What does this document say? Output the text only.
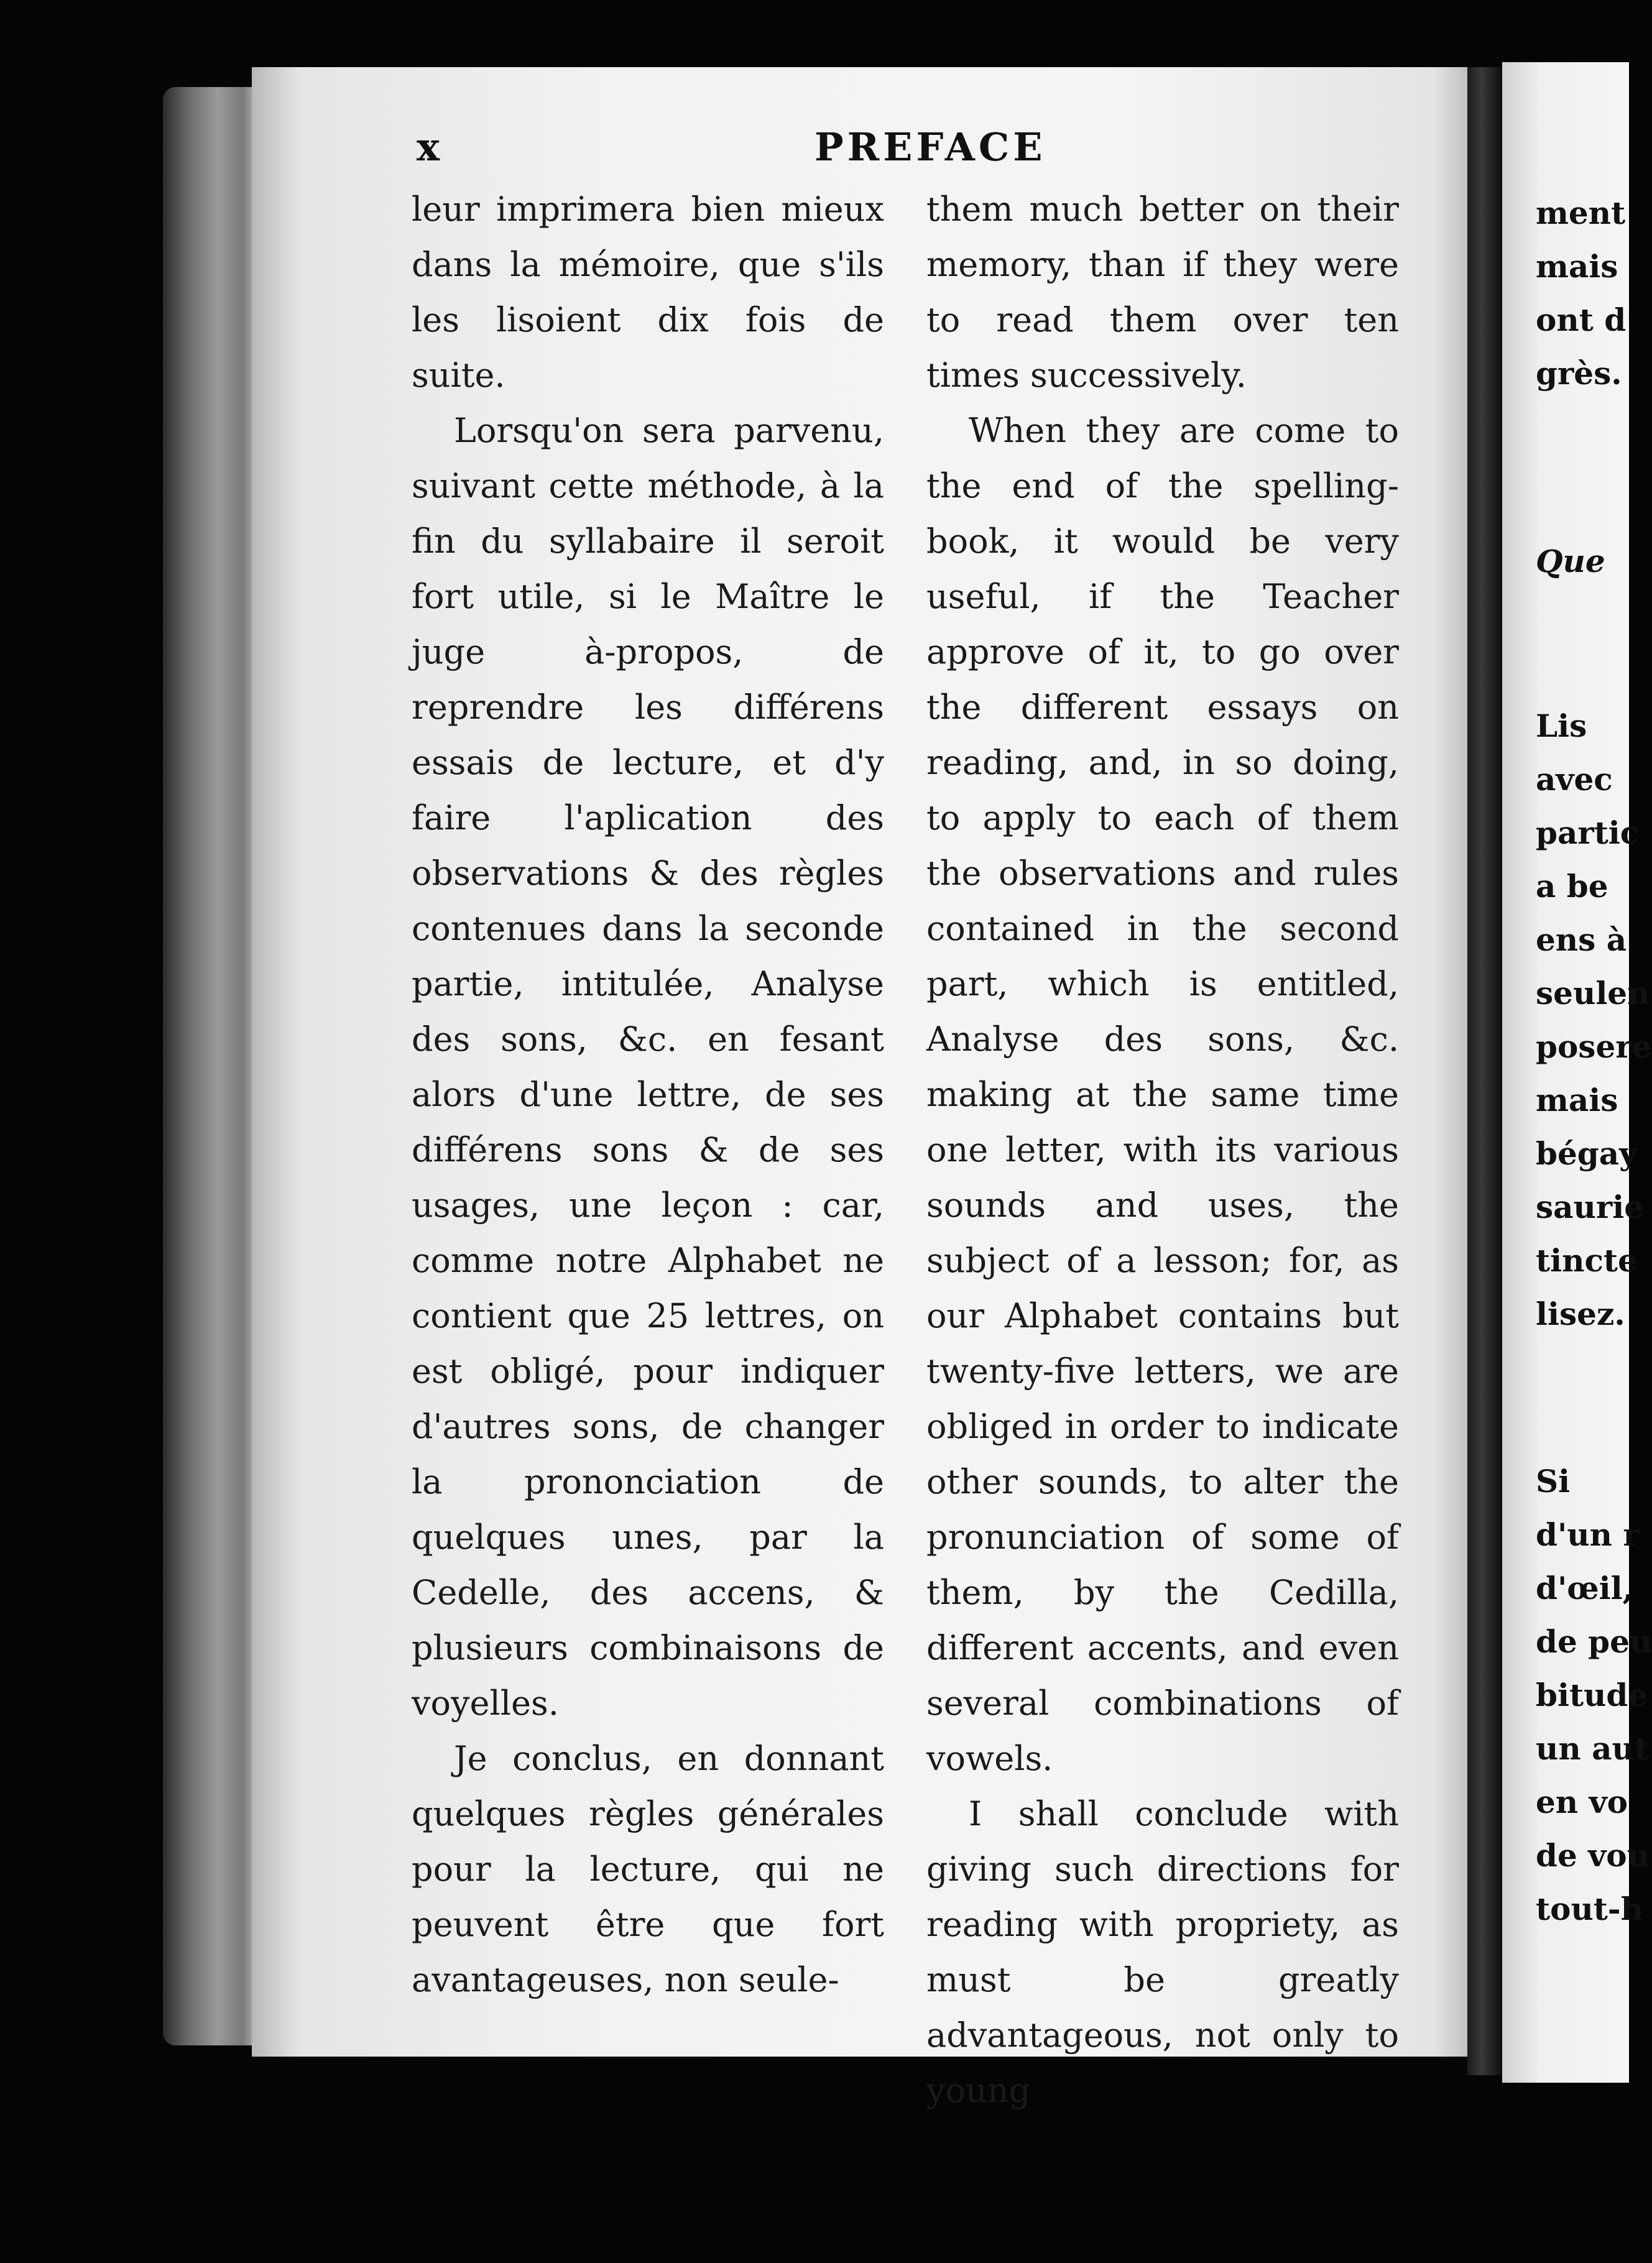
x	PREFACE

leur imprimera bien mieux dans la mémoire, que s'ils les lisoient dix fois de suite.

Lorsqu'on sera parvenu, suivant cette méthode, à la fin du syllabaire il seroit fort utile, si le Maître le juge à-propos, de reprendre les différens essais de lecture, et d'y faire l'aplication des observations & des règles contenues dans la seconde partie, intitulée, Analyse des sons, &c. en fesant alors d'une lettre, de ses différens sons & de ses usages, une leçon : car, comme notre Alphabet ne contient que 25 lettres, on est obligé, pour indiquer d'autres sons, de changer la prononciation de quelques unes, par la Cedelle, des accens, & plusieurs combinaisons de voyelles.

Je conclus, en donnant quelques règles générales pour la lecture, qui ne peuvent être que fort avantageuses, non seule-

them much better on their memory, than if they were to read them over ten times successively.

When they are come to the end of the spelling-book, it would be very useful, if the Teacher approve of it, to go over the different essays on reading, and, in so doing, to apply to each of them the observations and rules contained in the second part, which is entitled, Analyse des sons, &c. making at the same time one letter, with its various sounds and uses, the subject of a lesson; for, as our Alphabet contains but twenty-five letters, we are obliged in order to indicate other sounds, to alter the pronunciation of some of them, by the Cedilla, different accents, and even several combinations of vowels.

I shall conclude with giving such directions for reading with propriety, as must be greatly advantageous, not only to young

ment
mais
ont d
grès.
Que
Lis
avec
partic
a be
ens à
seulen
posere
mais
bégay
saurie
tincte
lisez.
Si
d'un r
d'œil,
de peu
bitude
un aut
en vo
de vou
tout-h
